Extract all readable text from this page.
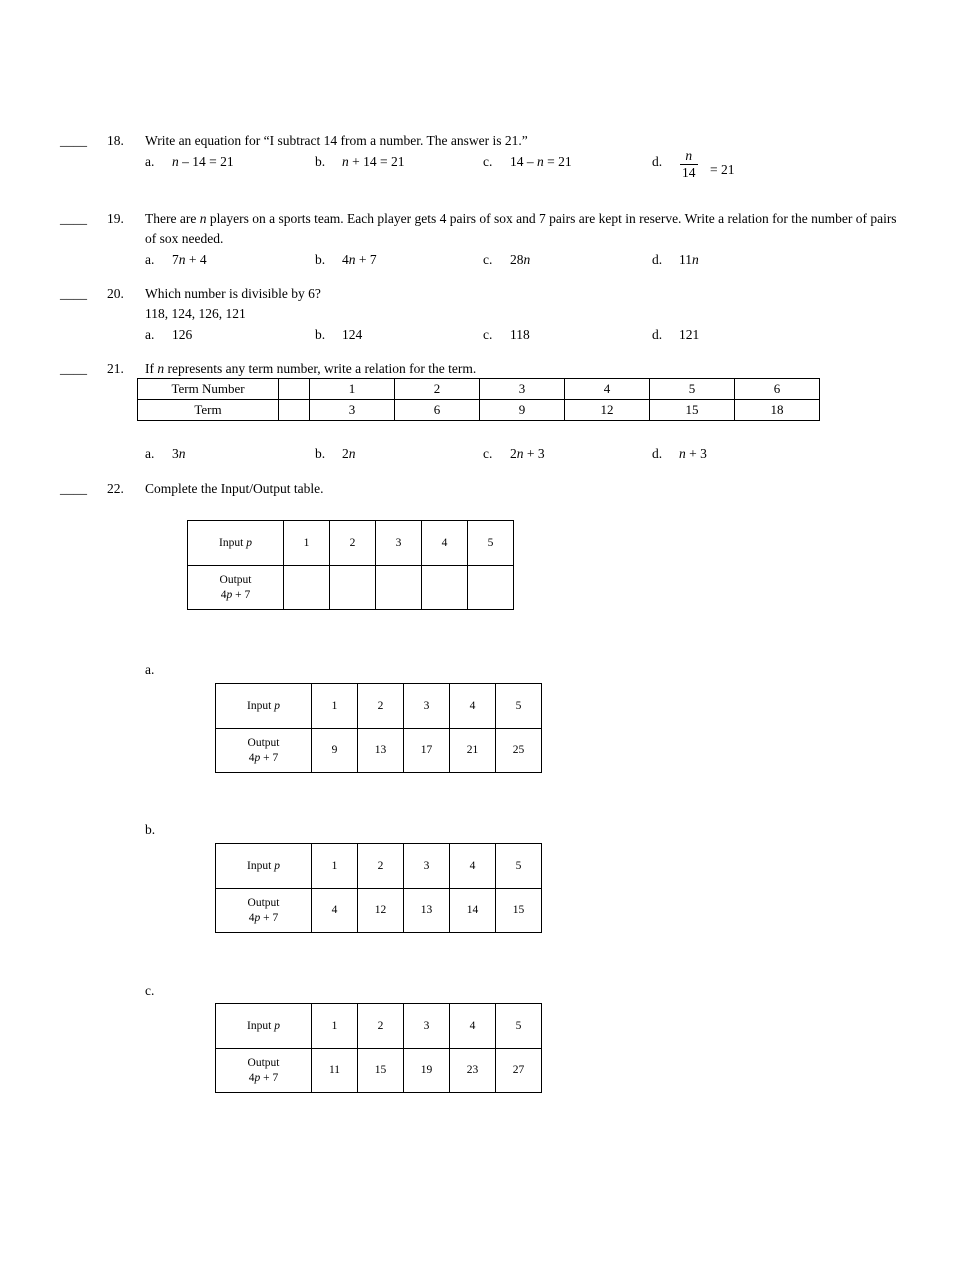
____ 18. Write an equation for “I subtract 14 from a number. The answer is 21.”
a. n – 14 = 21	b. n + 14 = 21	c. 14 – n = 21	d. $\frac{n}{14} = 21$
____ 19. There are n players on a sports team. Each player gets 4 pairs of sox and 7 pairs are kept in reserve. Write a relation for the number of pairs of sox needed.
a. 7n + 4	b. 4n + 7	c. 28n	d. 11n
____ 20. Which number is divisible by 6?
118, 124, 126, 121
a. 126	b. 124	c. 118	d. 121
____ 21. If n represents any term number, write a relation for the term.
Term Number		1	2	3	4	5	6
Term		3	6	9	12	15	18
a. 3n	b. 2n	c. 2n + 3	d. n + 3
____ 22. Complete the Input/Output table.
Input p	1	2	3	4	5

Output
4p + 7					

a.
Input p	1	2	3	4	5

Output
4p + 7	9	13	17	21	25
b.
Input p	1	2	3	4	5

Output
4p + 7	4	12	13	14	15
c.
Input p	1	2	3	4	5

Output
4p + 7	11	15	19	23	27
